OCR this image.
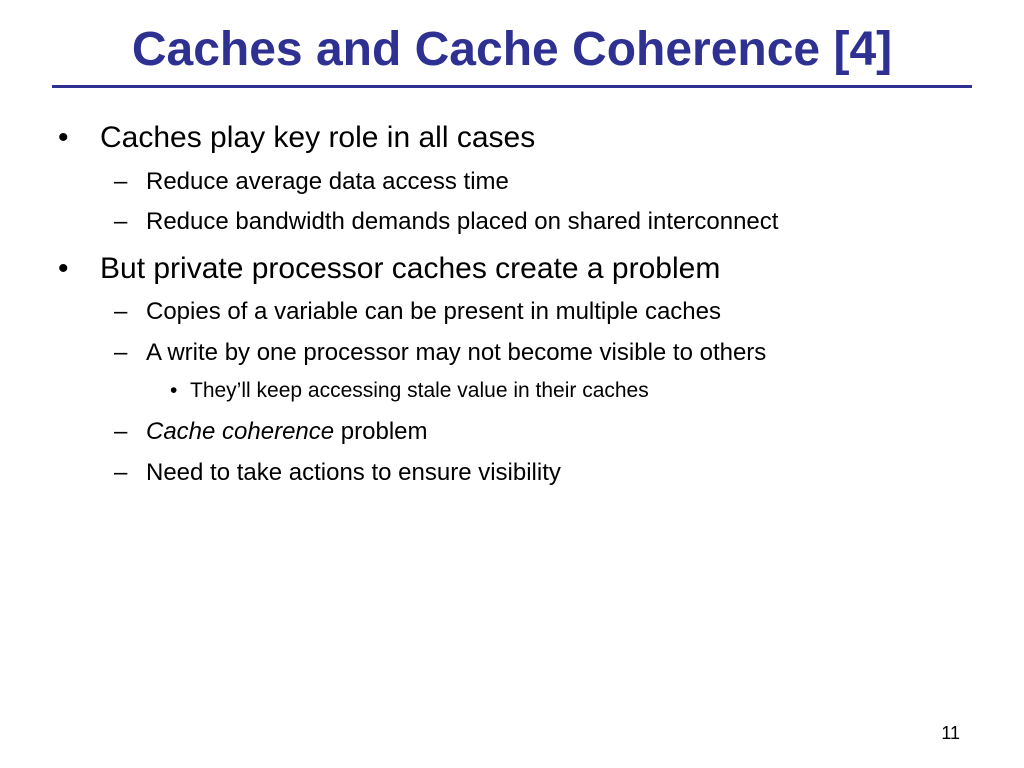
Caches and Cache Coherence [4]
• Caches play key role in all cases
– Reduce average data access time
– Reduce bandwidth demands placed on shared interconnect
• But private processor caches create a problem
– Copies of a variable can be present in multiple caches
– A write by one processor may not become visible to others
• They’ll keep accessing stale value in their caches
– Cache coherence problem
– Need to take actions to ensure visibility
11
